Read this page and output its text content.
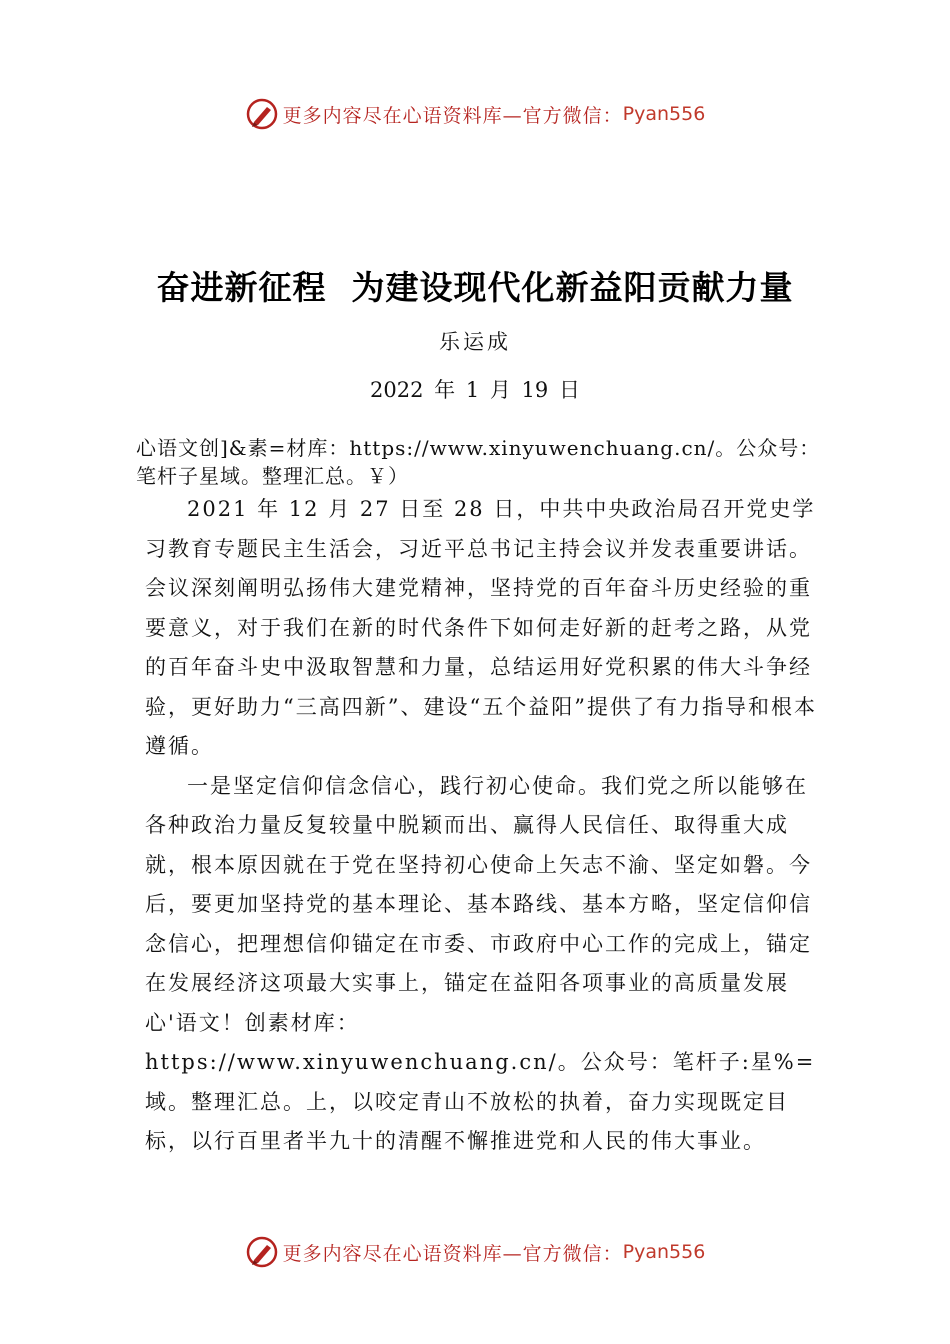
更多内容尽在心语资料库—官方微信： Pyan556
奋进新征程  为建设现代化新益阳贡献力量
乐运成
2022 年 1 月 19 日
心语文创]&素=材库：https://www.xinyuwenchuang.cn/。公众号：笔杆子星域。整理汇总。￥）

2021 年 12 月 27 日至 28 日，中共中央政治局召开党史学习教育专题民主生活会，习近平总书记主持会议并发表重要讲话。会议深刻阐明弘扬伟大建党精神，坚持党的百年奋斗历史经验的重要意义，对于我们在新的时代条件下如何走好新的赶考之路，从党的百年奋斗史中汲取智慧和力量，总结运用好党积累的伟大斗争经验，更好助力“三高四新”、建设“五个益阳”提供了有力指导和根本遵循。

一是坚定信仰信念信心，践行初心使命。我们党之所以能够在各种政治力量反复较量中脱颖而出、赢得人民信任、取得重大成就，根本原因就在于党在坚持初心使命上矢志不渝、坚定如磐。今后，要更加坚持党的基本理论、基本路线、基本方略，坚定信仰信念信心，把理想信仰锚定在市委、市政府中心工作的完成上，锚定在发展经济这项最大实事上，锚定在益阳各项事业的高质量发展心'语文！创素材库：

https://www.xinyuwenchuang.cn/。公众号：笔杆子:星%=域。整理汇总。上，以咬定青山不放松的执着，奋力实现既定目标，以行百里者半九十的清醒不懈推进党和人民的伟大事业。

更多内容尽在心语资料库—官方微信： Pyan556
